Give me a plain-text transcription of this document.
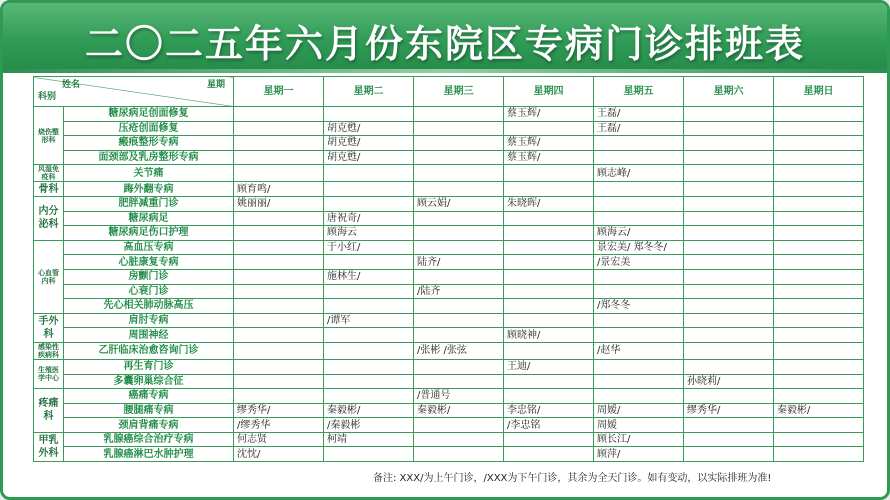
二〇二五年六月份东院区专病门诊排班表
姓名 星期
科别		星期一	星期二	星期三	星期四	星期五	星期六	星期日
烧伤整形科	糖尿病足创面修复				蔡玉辉/	王磊/		
	压疮创面修复		胡克甦/			王磊/		
	瘢痕整形专病		胡克甦/		蔡玉辉/			
	面颈部及乳房整形专病		胡克甦/		蔡玉辉/			
风湿免疫科	关节痛					顾志峰/		
骨科	踇外翻专病	顾育鸣/						
内分泌科	肥胖减重门诊	姚丽丽/		顾云娟/	朱晓晖/			
	糖尿病足		唐祝奇/					
	糖尿病足伤口护理		顾海云			顾海云/		
心血管内科	高血压专病		于小红/			景宏美/ 郑冬冬/		
	心脏康复专病			陆齐/		/景宏美		
	房颤门诊		施林生/					
	心衰门诊			/陆齐				
	先心相关肺动脉高压					/郑冬冬		
手外科	肩肘专病		/谭军					
	周围神经				顾晓神/			
感染性疾病科	乙肝临床治愈咨询门诊			/张彬 /张弦		/赵华		
生殖医学中心	再生育门诊				王迪/			
	多囊卵巢综合征						孙晓莉/	
疼痛科	癌痛专病			/普通号				
	腰腿痛专病	缪秀华/	秦毅彬/	秦毅彬/	李忠铭/	周嫒/	缪秀华/	秦毅彬/
	颈肩背痛专病	/缪秀华	/秦毅彬		/李忠铭	周嫒		
甲乳外科	乳腺癌综合治疗专病	何志贤	柯靖			顾长江/		
	乳腺癌淋巴水肿护理	沈忱/				顾萍/		
备注: XXX/为上午门诊，/XXX为下午门诊，其余为全天门诊。如有变动，以实际排班为准!
